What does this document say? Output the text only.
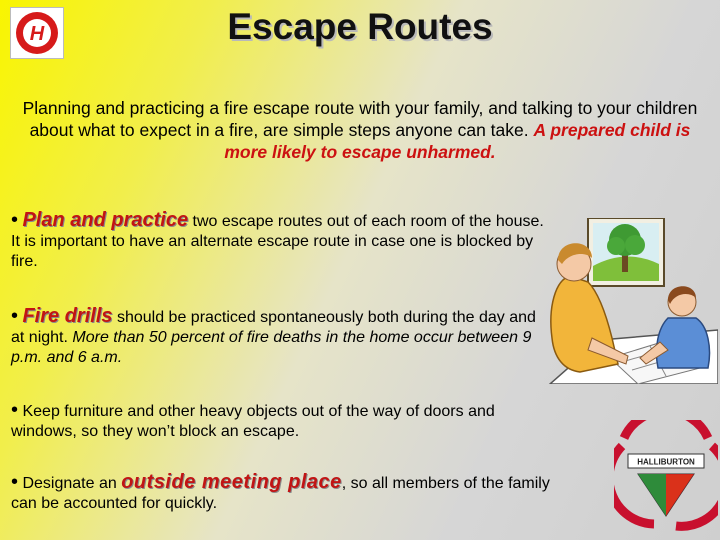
H	Escape Routes

Planning and practicing a fire escape route with your family, and talking to your children about what to expect in a fire, are simple steps anyone can take. A prepared child is more likely to escape unharmed.

• Plan and practice two escape routes out of each room of the house. It is important to have an alternate escape route in case one is blocked by fire.

• Fire drills should be practiced spontaneously both during the day and at night. More than 50 percent of fire deaths in the home occur between 9 p.m. and 6 a.m.

• Keep furniture and other heavy objects out of the way of doors and windows, so they won’t block an escape.

• Designate an outside meeting place, so all members of the family can be accounted for quickly.

HALLIBURTON
